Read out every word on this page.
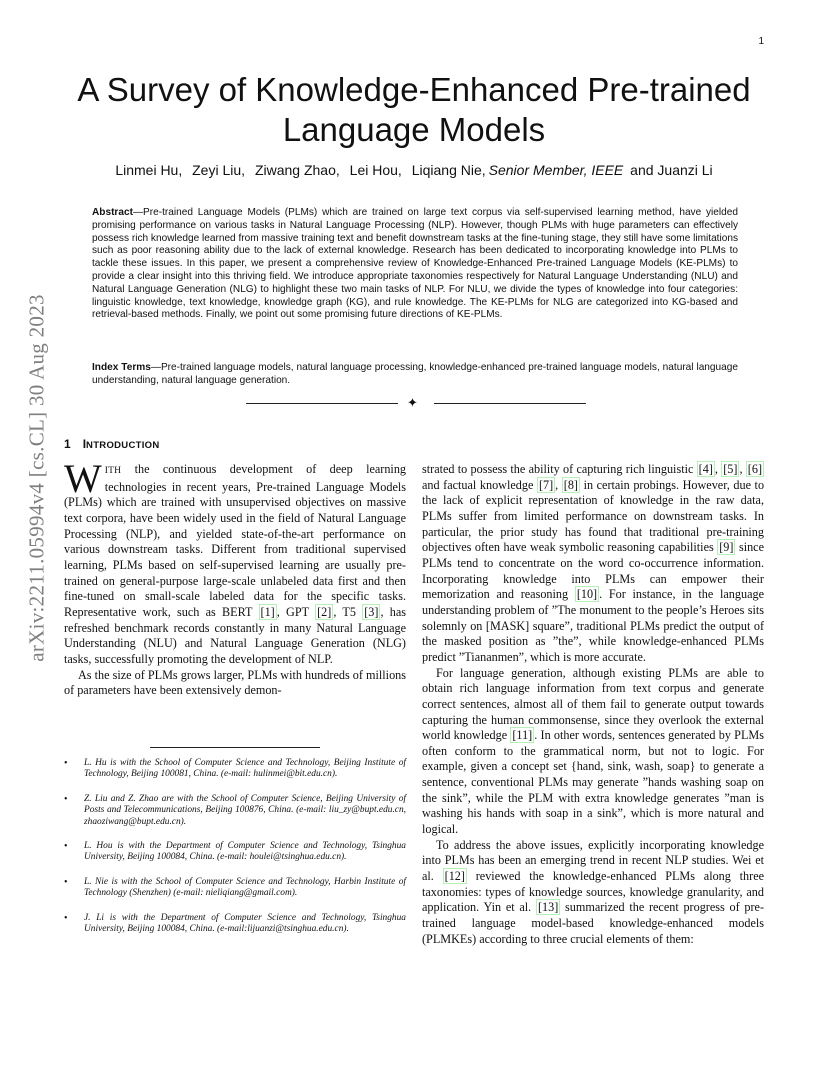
1
arXiv:2211.05994v4 [cs.CL] 30 Aug 2023
A Survey of Knowledge-Enhanced Pre-trained
Language Models
Linmei Hu, Zeyi Liu, Ziwang Zhao, Lei Hou, Liqiang Nie, Senior Member, IEEE and Juanzi Li
Abstract—Pre-trained Language Models (PLMs) which are trained on large text corpus via self-supervised learning method, have yielded promising performance on various tasks in Natural Language Processing (NLP). However, though PLMs with huge parameters can effectively possess rich knowledge learned from massive training text and benefit downstream tasks at the fine-tuning stage, they still have some limitations such as poor reasoning ability due to the lack of external knowledge. Research has been dedicated to incorporating knowledge into PLMs to tackle these issues. In this paper, we present a comprehensive review of Knowledge-Enhanced Pre-trained Language Models (KE-PLMs) to provide a clear insight into this thriving field. We introduce appropriate taxonomies respectively for Natural Language Understanding (NLU) and Natural Language Generation (NLG) to highlight these two main tasks of NLP. For NLU, we divide the types of knowledge into four categories: linguistic knowledge, text knowledge, knowledge graph (KG), and rule knowledge. The KE-PLMs for NLG are categorized into KG-based and retrieval-based methods. Finally, we point out some promising future directions of KE-PLMs.
Index Terms—Pre-trained language models, natural language processing, knowledge-enhanced pre-trained language models, natural language understanding, natural language generation.
✦
1 INTRODUCTION

WITH the continuous development of deep learning technologies in recent years, Pre-trained Language Models (PLMs) which are trained with unsupervised objectives on massive text corpora, have been widely used in the field of Natural Language Processing (NLP), and yielded state-of-the-art performance on various downstream tasks. Different from traditional supervised learning, PLMs based on self-supervised learning are usually pre-trained on general-purpose large-scale unlabeled data first and then fine-tuned on small-scale labeled data for the specific tasks. Representative work, such as BERT [1] , GPT [2] , T5 [3] , has refreshed benchmark records constantly in many Natural Language Understanding (NLU) and Natural Language Generation (NLG) tasks, successfully promoting the development of NLP.

As the size of PLMs grows larger, PLMs with hundreds of millions of parameters have been extensively demon-

• L. Hu is with the School of Computer Science and Technology, Beijing Institute of Technology, Beijing 100081, China. (e-mail: hulinmei@bit.edu.cn).
• Z. Liu and Z. Zhao are with the School of Computer Science, Beijing University of Posts and Telecommunications, Beijing 100876, China. (e-mail: liu_zy@bupt.edu.cn, zhaoziwang@bupt.edu.cn).
• L. Hou is with the Department of Computer Science and Technology, Tsinghua University, Beijing 100084, China. (e-mail: houlei@tsinghua.edu.cn).
• L. Nie is with the School of Computer Science and Technology, Harbin Institute of Technology (Shenzhen) (e-mail: nieliqiang@gmail.com).
• J. Li is with the Department of Computer Science and Technology, Tsinghua University, Beijing 100084, China. (e-mail:lijuanzi@tsinghua.edu.cn).

strated to possess the ability of capturing rich linguistic [4] , [5] , [6] and factual knowledge [7] , [8] in certain probings. However, due to the lack of explicit representation of knowledge in the raw data, PLMs suffer from limited performance on downstream tasks. In particular, the prior study has found that traditional pre-training objectives often have weak symbolic reasoning capabilities [9] since PLMs tend to concentrate on the word co-occurrence information. Incorporating knowledge into PLMs can empower their memorization and reasoning [10] . For instance, in the language understanding problem of ”The monument to the people’s Heroes sits solemnly on [MASK] square”, traditional PLMs predict the output of the masked position as ”the”, while knowledge-enhanced PLMs predict ”Tiananmen”, which is more accurate.

For language generation, although existing PLMs are able to obtain rich language information from text corpus and generate correct sentences, almost all of them fail to generate output towards capturing the human commonsense, since they overlook the external world knowledge [11] . In other words, sentences generated by PLMs often conform to the grammatical norm, but not to logic. For example, given a concept set {hand, sink, wash, soap} to generate a sentence, conventional PLMs may generate ”hands washing soap on the sink”, while the PLM with extra knowledge generates ”man is washing his hands with soap in a sink”, which is more natural and logical.

To address the above issues, explicitly incorporating knowledge into PLMs has been an emerging trend in recent NLP studies. Wei et al. [12] reviewed the knowledge-enhanced PLMs along three taxonomies: types of knowledge sources, knowledge granularity, and application. Yin et al. [13] summarized the recent progress of pre-trained language model-based knowledge-enhanced models (PLMKEs) according to three crucial elements of them:
